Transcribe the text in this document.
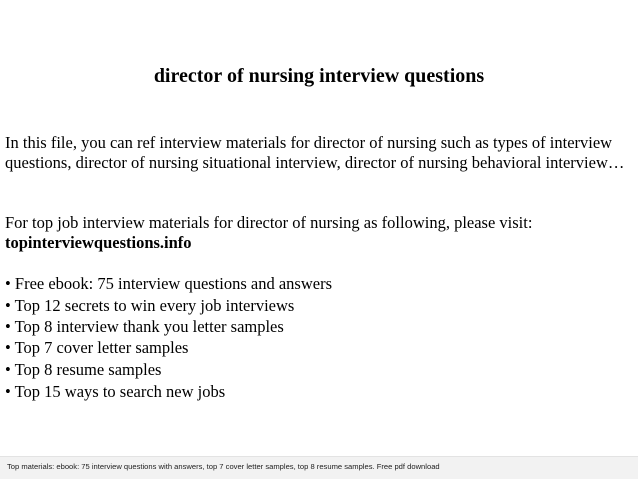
director of nursing interview questions

In this file, you can ref interview materials for director of nursing such as types of interview questions, director of nursing situational interview, director of nursing behavioral interview…

For top job interview materials for director of nursing as following, please visit:

topinterviewquestions.info

• Free ebook: 75 interview questions and answers
• Top 12 secrets to win every job interviews
• Top 8 interview thank you letter samples
• Top 7 cover letter samples
• Top 8 resume samples
• Top 15 ways to search new jobs
Top materials: ebook: 75 interview questions with answers, top 7 cover letter samples, top 8 resume samples. Free pdf download
